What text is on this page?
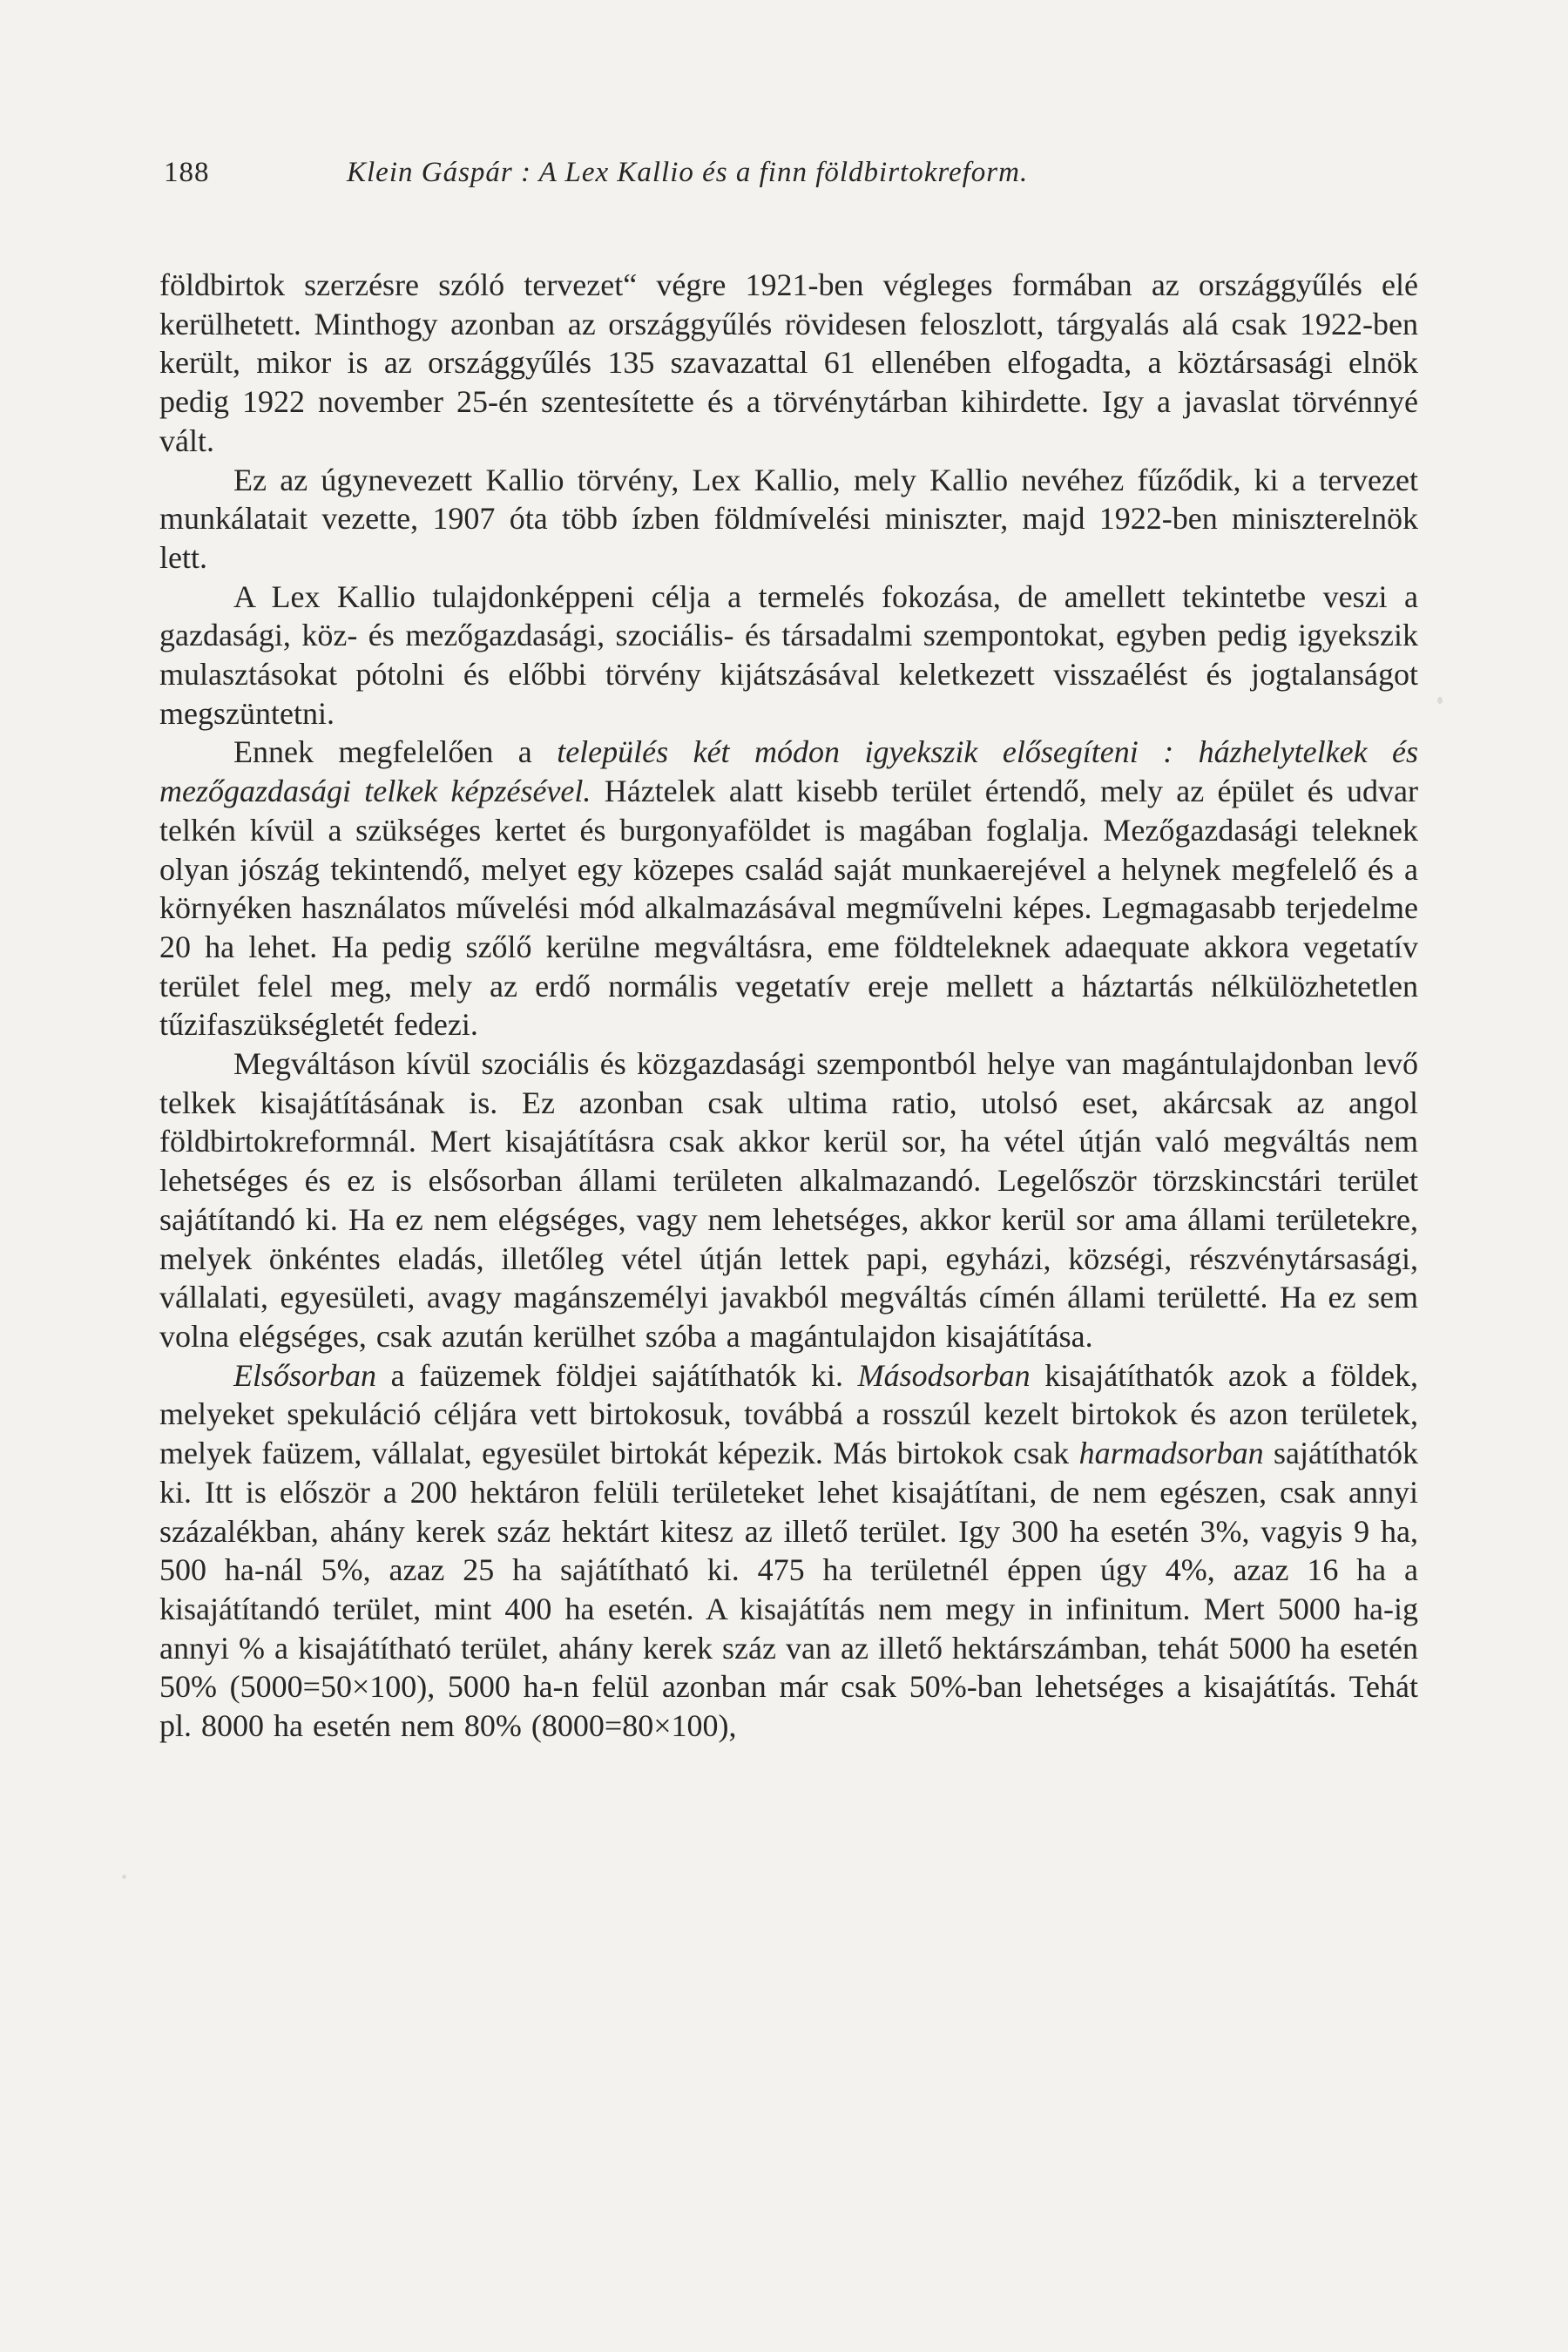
188	Klein Gáspár : A Lex Kallio és a finn földbirtokreform.

földbirtok szerzésre szóló tervezet“ végre 1921-ben végleges formában az országgyűlés elé kerülhetett. Minthogy azonban az országgyűlés rövidesen feloszlott, tárgyalás alá csak 1922-ben került, mikor is az országgyűlés 135 szavazattal 61 ellenében elfogadta, a köztársasági elnök pedig 1922 november 25-én szentesítette és a törvénytárban kihirdette. Igy a javaslat törvénnyé vált.

Ez az úgynevezett Kallio törvény, Lex Kallio, mely Kallio nevéhez fűződik, ki a tervezet munkálatait vezette, 1907 óta több ízben földmívelési miniszter, majd 1922-ben miniszterelnök lett.

A Lex Kallio tulajdonképpeni célja a termelés fokozása, de amellett tekintetbe veszi a gazdasági, köz- és mezőgazdasági, szociális- és társadalmi szempontokat, egyben pedig igyekszik mulasztásokat pótolni és előbbi törvény kijátszásával keletkezett visszaélést és jogtalanságot megszüntetni.

Ennek megfelelően a település két módon igyekszik elősegíteni : házhelytelkek és mezőgazdasági telkek képzésével. Háztelek alatt kisebb terület értendő, mely az épület és udvar telkén kívül a szükséges kertet és burgonyaföldet is magában foglalja. Mezőgazdasági teleknek olyan jószág tekintendő, melyet egy közepes család saját munkaerejével a helynek megfelelő és a környéken használatos művelési mód alkalmazásával megművelni képes. Legmagasabb terjedelme 20 ha lehet. Ha pedig szőlő kerülne megváltásra, eme földteleknek adaequate akkora vegetatív terület felel meg, mely az erdő normális vegetatív ereje mellett a háztartás nélkülözhetetlen tűzifaszükségletét fedezi.

Megváltáson kívül szociális és közgazdasági szempontból helye van magántulajdonban levő telkek kisajátításának is. Ez azonban csak ultima ratio, utolsó eset, akárcsak az angol földbirtokreformnál. Mert kisajátításra csak akkor kerül sor, ha vétel útján való megváltás nem lehetséges és ez is elsősorban állami területen alkalmazandó. Legelőször törzskincstári terület sajátítandó ki. Ha ez nem elégséges, vagy nem lehetséges, akkor kerül sor ama állami területekre, melyek önkéntes eladás, illetőleg vétel útján lettek papi, egyházi, községi, részvénytársasági, vállalati, egyesületi, avagy magánszemélyi javakból megváltás címén állami területté. Ha ez sem volna elégséges, csak azután kerülhet szóba a magántulajdon kisajátítása.

Elsősorban a faüzemek földjei sajátíthatók ki. Másodsorban kisajátíthatók azok a földek, melyeket spekuláció céljára vett birtokosuk, továbbá a rosszúl kezelt birtokok és azon területek, melyek faüzem, vállalat, egyesület birtokát képezik. Más birtokok csak harmadsorban sajátíthatók ki. Itt is először a 200 hektáron felüli területeket lehet kisajátítani, de nem egészen, csak annyi százalékban, ahány kerek száz hektárt kitesz az illető terület. Igy 300 ha esetén 3%, vagyis 9 ha, 500 ha-nál 5%, azaz 25 ha sajátítható ki. 475 ha területnél éppen úgy 4%, azaz 16 ha a kisajátítandó terület, mint 400 ha esetén. A kisajátítás nem megy in infinitum. Mert 5000 ha-ig annyi % a kisajátítható terület, ahány kerek száz van az illető hektárszámban, tehát 5000 ha esetén 50% (5000=50×100), 5000 ha-n felül azonban már csak 50%-ban lehetséges a kisajátítás. Tehát pl. 8000 ha esetén nem 80% (8000=80×100),
